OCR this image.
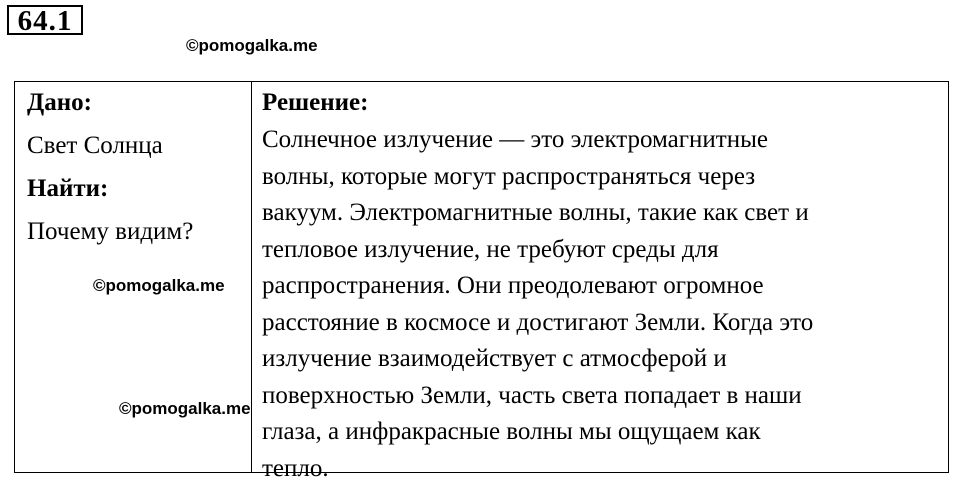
64.1
Дано:
Свет Солнца
Найти:
Почему видим?
Решение:
Солнечное излучение — это электромагнитные
волны, которые могут распространяться через
вакуум. Электромагнитные волны, такие как свет и
тепловое излучение, не требуют среды для
распространения. Они преодолевают огромное
расстояние в космосе и достигают Земли. Когда это
излучение взаимодействует с атмосферой и
поверхностью Земли, часть света попадает в наши
глаза, а инфракрасные волны мы ощущаем как
тепло.
©pomogalka.me
©pomogalka.me
©pomogalka.me
